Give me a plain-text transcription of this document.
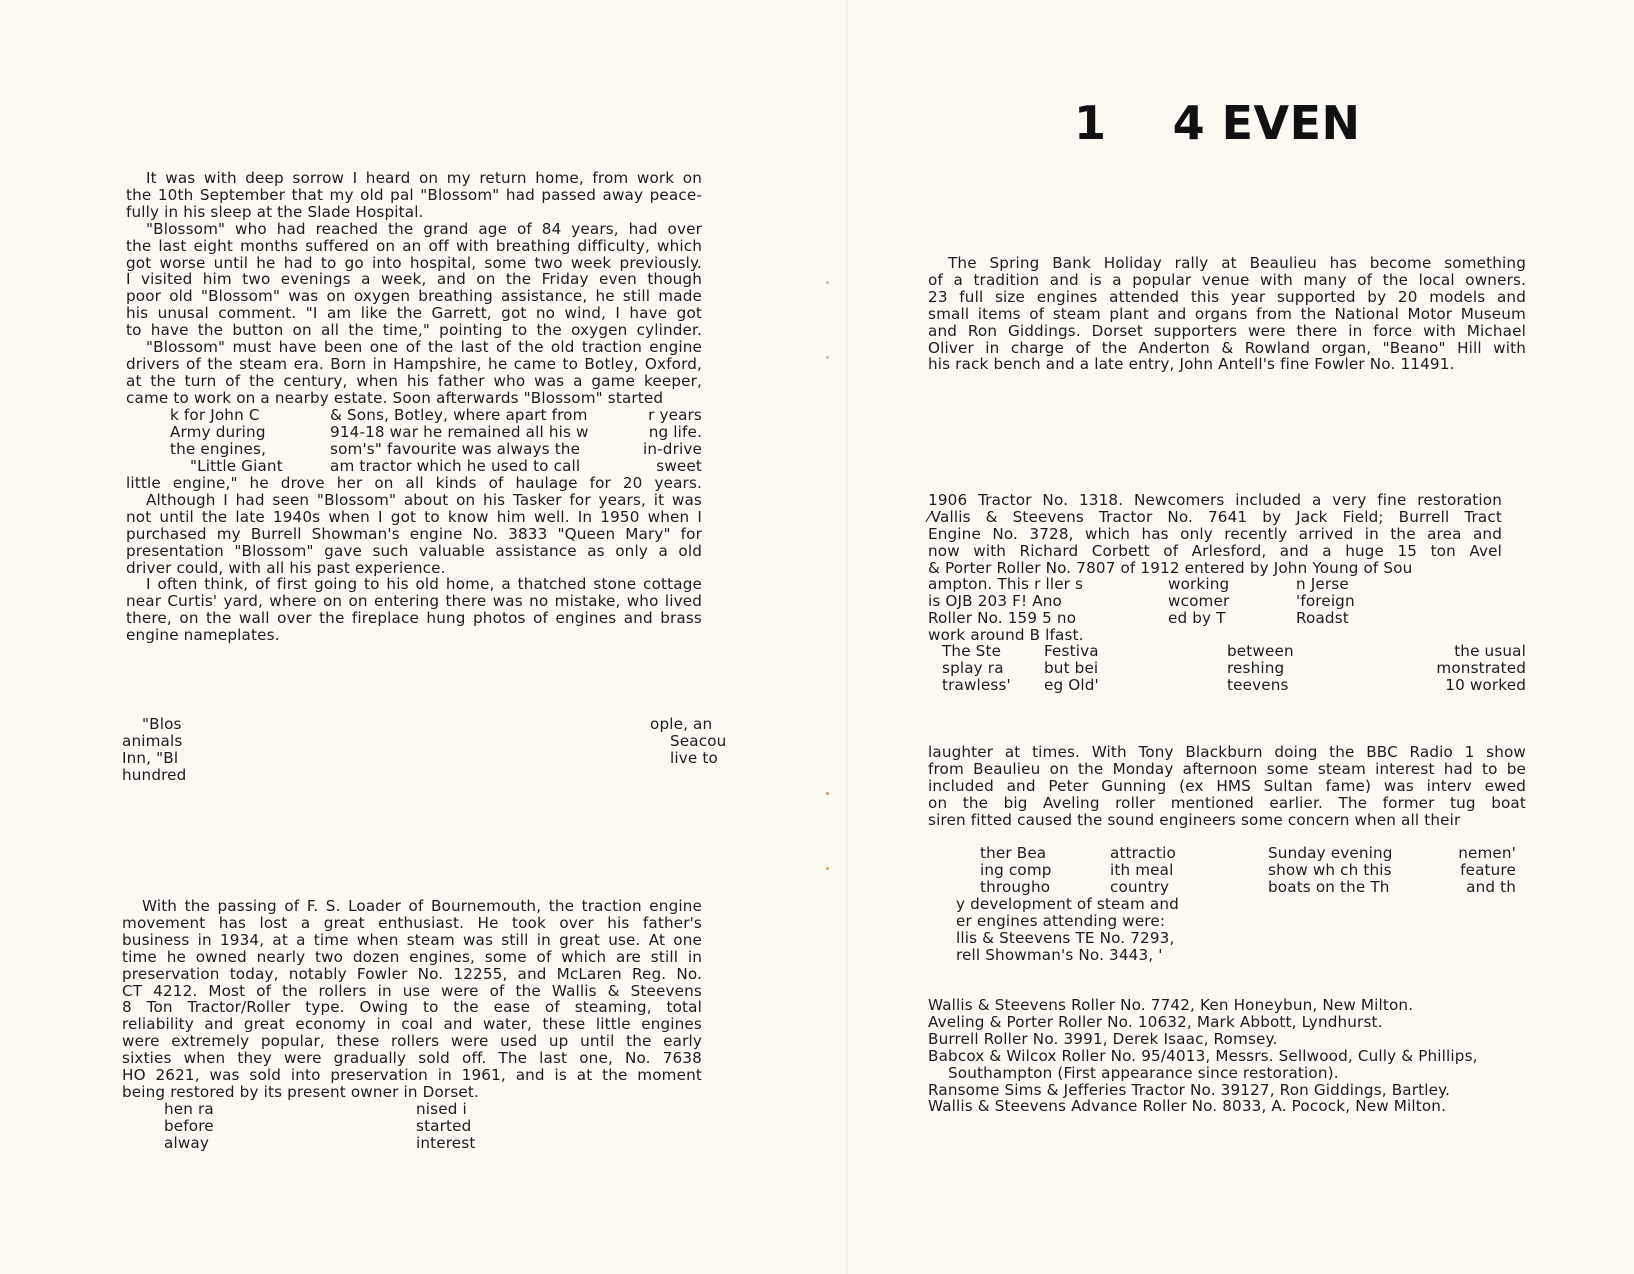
It was with deep sorrow I heard on my return home, from work on
the 10th September that my old pal "Blossom" had passed away peace-
fully in his sleep at the Slade Hospital.
"Blossom" who had reached the grand age of 84 years, had over
the last eight months suffered on an off with breathing difficulty, which
got worse until he had to go into hospital, some two week previously.
I visited him two evenings a week, and on the Friday even though
poor old "Blossom" was on oxygen breathing assistance, he still made
his unusal comment. "I am like the Garrett, got no wind, I have got
to have the button on all the time," pointing to the oxygen cylinder.
"Blossom" must have been one of the last of the old traction engine
drivers of the steam era. Born in Hampshire, he came to Botley, Oxford,
at the turn of the century, when his father who was a game keeper,
came to work on a nearby estate. Soon afterwards "Blossom" started
k for John C
Army during
the engines,
"Little Giant
& Sons, Botley, where apart from
914-18 war he remained all his w
som's" favourite was always the
am tractor which he used to call
r years
ng life.
in-drive
sweet
little engine," he drove her on all kinds of haulage for 20 years.
Although I had seen "Blossom" about on his Tasker for years, it was
not until the late 1940s when I got to know him well. In 1950 when I
purchased my Burrell Showman's engine No. 3833 "Queen Mary" for
presentation "Blossom" gave such valuable assistance as only a old
driver could, with all his past experience.
I often think, of first going to his old home, a thatched stone cottage
near Curtis' yard, where on on entering there was no mistake, who lived
there, on the wall over the fireplace hung photos of engines and brass
engine nameplates.
"Blos
animals
Inn, "Bl
hundred
ople, an
Seacou
live to
With the passing of F. S. Loader of Bournemouth, the traction engine
movement has lost a great enthusiast. He took over his father's
business in 1934, at a time when steam was still in great use. At one
time he owned nearly two dozen engines, some of which are still in
preservation today, notably Fowler No. 12255, and McLaren Reg. No.
CT 4212. Most of the rollers in use were of the Wallis & Steevens
8 Ton Tractor/Roller type. Owing to the ease of steaming, total
reliability and great economy in coal and water, these little engines
were extremely popular, these rollers were used up until the early
sixties when they were gradually sold off. The last one, No. 7638
HO 2621, was sold into preservation in 1961, and is at the moment
being restored by its present owner in Dorset.
hen ra
before
alway
nised i
started
interest
1    4 EVEN
The Spring Bank Holiday rally at Beaulieu has become something
of a tradition and is a popular venue with many of the local owners.
23 full size engines attended this year supported by 20 models and
small items of steam plant and organs from the National Motor Museum
and Ron Giddings. Dorset supporters were there in force with Michael
Oliver in charge of the Anderton & Rowland organ, "Beano" Hill with
his rack bench and a late entry, John Antell's fine Fowler No. 11491.
1906 Tractor No. 1318. Newcomers included a very fine restoration
⁄Vallis & Steevens Tractor No. 7641 by Jack Field; Burrell Tract
Engine No. 3728, which has only recently arrived in the area and
now with Richard Corbett of Arlesford, and a huge 15 ton Avel
& Porter Roller No. 7807 of 1912 entered by John Young of Sou
ampton. This r ller s
is OJB 203 F! Ano
Roller No. 159 5 no
work around B lfast.
working
wcomer
ed by T
n Jerse
'foreign
Roadst
The Ste
splay ra
trawless'
Festiva
but bei
eg Old'
between
reshing
teevens
the usual
monstrated
10 worked
laughter at times. With Tony Blackburn doing the BBC Radio 1 show
from Beaulieu on the Monday afternoon some steam interest had to be
included and Peter Gunning (ex HMS Sultan fame) was interv ewed
on the big Aveling roller mentioned earlier. The former tug boat
siren fitted caused the sound engineers some concern when all their
ther Bea
ing comp
througho
attractio
ith meal
country
Sunday evening
show wh ch this
boats on the Th
nemen'
feature
and th
y development of steam and
er engines attending were:
llis & Steevens TE No. 7293,
rell Showman's No. 3443, '
Wallis & Steevens Roller No. 7742, Ken Honeybun, New Milton.
Aveling & Porter Roller No. 10632, Mark Abbott, Lyndhurst.
Burrell Roller No. 3991, Derek Isaac, Romsey.
Babcox & Wilcox Roller No. 95/4013, Messrs. Sellwood, Cully & Phillips,
Southampton (First appearance since restoration).
Ransome Sims & Jefferies Tractor No. 39127, Ron Giddings, Bartley.
Wallis & Steevens Advance Roller No. 8033, A. Pocock, New Milton.
